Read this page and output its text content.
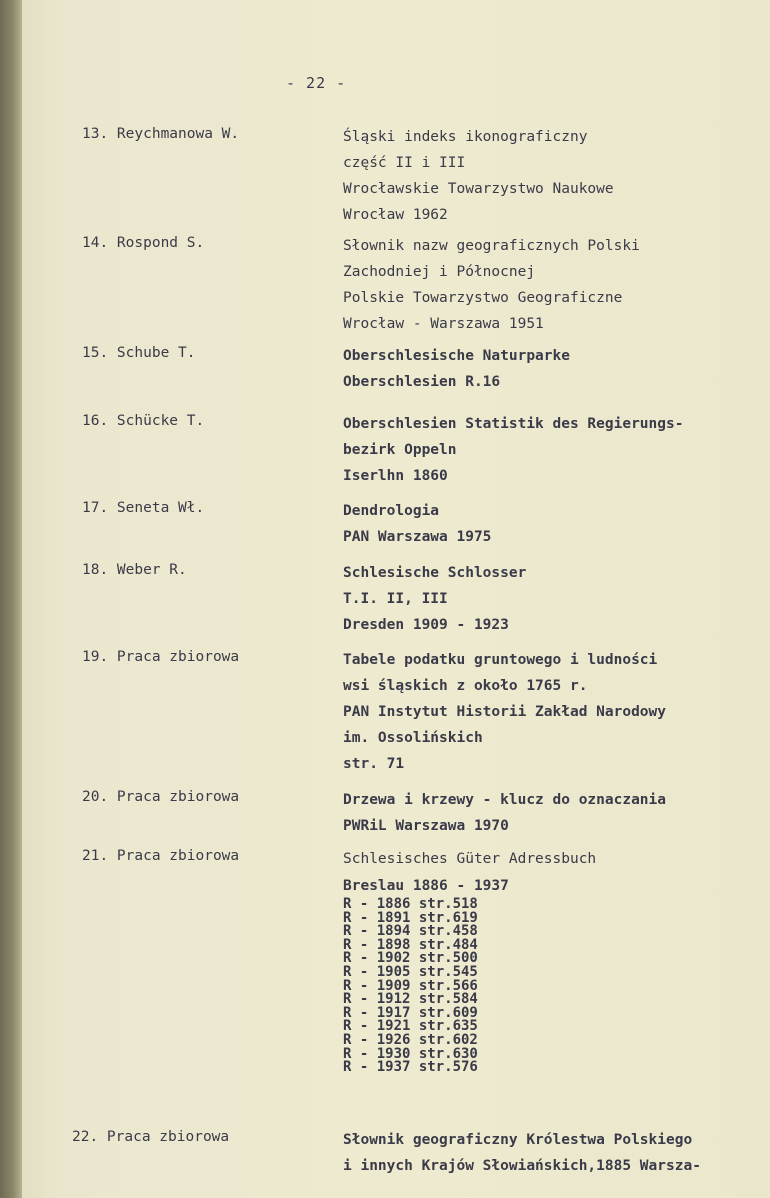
- 22 -
13. Reychmanowa W.	Śląski indeks ikonograficzny
część II i III
Wrocławskie Towarzystwo Naukowe
Wrocław 1962
14. Rospond S.	Słownik nazw geograficznych Polski
Zachodniej i Północnej
Polskie Towarzystwo Geograficzne
Wrocław - Warszawa 1951
15. Schube T.	Oberschlesische Naturparke
Oberschlesien R.16
16. Schücke T.	Oberschlesien Statistik des Regierungs-
bezirk Oppeln
Iserlhn 1860
17. Seneta Wł.	Dendrologia
PAN Warszawa 1975
18. Weber R.	Schlesische Schlosser
T.I. II, III
Dresden 1909 - 1923
19. Praca zbiorowa	Tabele podatku gruntowego i ludności
wsi śląskich z około 1765 r.
PAN Instytut Historii Zakład Narodowy
im. Ossolińskich
str. 71
20. Praca zbiorowa	Drzewa i krzewy - klucz do oznaczania
PWRiL Warszawa 1970
21. Praca zbiorowa	Schlesisches Güter Adressbuch
Breslau 1886 - 1937
R - 1886 str.518
R - 1891 str.619
R - 1894 str.458
R - 1898 str.484
R - 1902 str.500
R - 1905 str.545
R - 1909 str.566
R - 1912 str.584
R - 1917 str.609
R - 1921 str.635
R - 1926 str.602
R - 1930 str.630
R - 1937 str.576
22. Praca zbiorowa	Słownik geograficzny Królestwa Polskiego
i innych Krajów Słowiańskich,1885 Warsza-
